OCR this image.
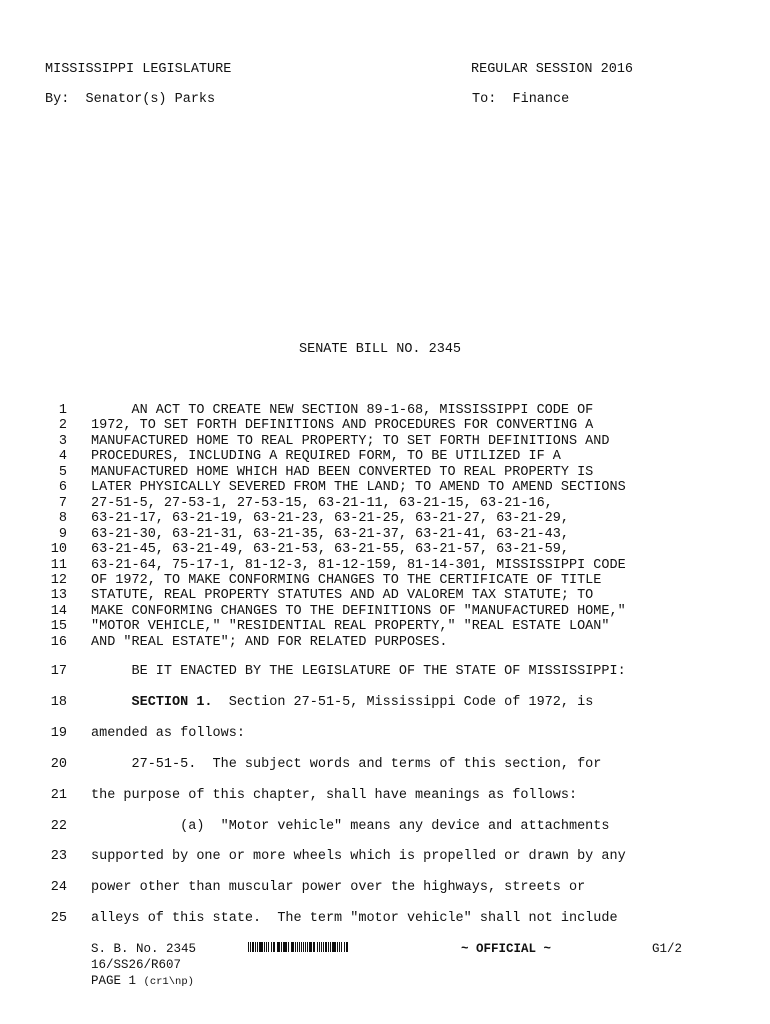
MISSISSIPPI LEGISLATURE	REGULAR SESSION 2016
By:  Senator(s) Parks	To:  Finance
SENATE BILL NO. 2345
1 AN ACT TO CREATE NEW SECTION 89-1-68, MISSISSIPPI CODE OF
2 1972, TO SET FORTH DEFINITIONS AND PROCEDURES FOR CONVERTING A
3 MANUFACTURED HOME TO REAL PROPERTY; TO SET FORTH DEFINITIONS AND
4 PROCEDURES, INCLUDING A REQUIRED FORM, TO BE UTILIZED IF A
5 MANUFACTURED HOME WHICH HAD BEEN CONVERTED TO REAL PROPERTY IS
6 LATER PHYSICALLY SEVERED FROM THE LAND; TO AMEND TO AMEND SECTIONS
7 27-51-5, 27-53-1, 27-53-15, 63-21-11, 63-21-15, 63-21-16,
8 63-21-17, 63-21-19, 63-21-23, 63-21-25, 63-21-27, 63-21-29,
9 63-21-30, 63-21-31, 63-21-35, 63-21-37, 63-21-41, 63-21-43,
10 63-21-45, 63-21-49, 63-21-53, 63-21-55, 63-21-57, 63-21-59,
11 63-21-64, 75-17-1, 81-12-3, 81-12-159, 81-14-301, MISSISSIPPI CODE
12 OF 1972, TO MAKE CONFORMING CHANGES TO THE CERTIFICATE OF TITLE
13 STATUTE, REAL PROPERTY STATUTES AND AD VALOREM TAX STATUTE; TO
14 MAKE CONFORMING CHANGES TO THE DEFINITIONS OF "MANUFACTURED HOME,"
15 "MOTOR VEHICLE," "RESIDENTIAL REAL PROPERTY," "REAL ESTATE LOAN"
16 AND "REAL ESTATE"; AND FOR RELATED PURPOSES.
17 BE IT ENACTED BY THE LEGISLATURE OF THE STATE OF MISSISSIPPI:
18	SECTION 1.  Section 27-51-5, Mississippi Code of 1972, is
19 amended as follows:
20 27-51-5.  The subject words and terms of this section, for
21 the purpose of this chapter, shall have meanings as follows:
22 (a)  "Motor vehicle" means any device and attachments
23 supported by one or more wheels which is propelled or drawn by any
24 power other than muscular power over the highways, streets or
25 alleys of this state.  The term "motor vehicle" shall not include
S. B. No. 2345	~ OFFICIAL ~	G1/2
16/SS26/R607
PAGE 1 (cr1\np)
